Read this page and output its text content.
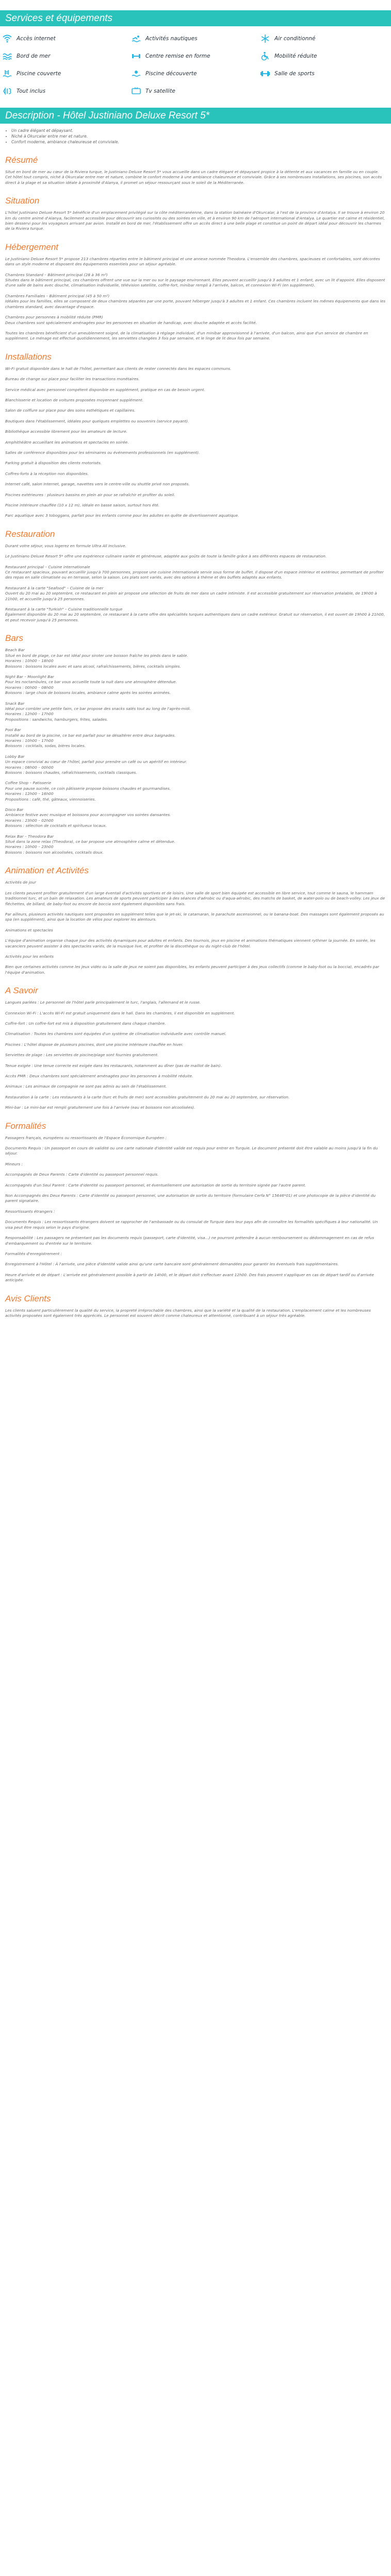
Services et équipements
Accès internet	Activités nautiques	Air conditionné
Bord de mer	Centre remise en forme	Mobilité réduite
Piscine couverte	Piscine découverte	Salle de sports
Tout inclus	Tv satellite
Description - Hôtel Justiniano Deluxe Resort 5*
• Un cadre élégant et dépaysant.
• Niché à Okurcalar entre mer et nature.
• Confort moderne, ambiance chaleureuse et conviviale.
Résumé

Situé en bord de mer au cœur de la Riviera turque, le Justiniano Deluxe Resort 5* vous accueille dans un cadre élégant et dépaysant propice à la détente et aux vacances en famille ou en couple. Cet hôtel tout compris, niché à Okurcalar entre mer et nature, combine le confort moderne à une ambiance chaleureuse et conviviale. Grâce à ses nombreuses installations, ses piscines, son accès direct à la plage et sa situation idéale à proximité d'Alanya, il promet un séjour ressourçant sous le soleil de la Méditerranée.

Situation

L'hôtel Justiniano Deluxe Resort 5* bénéficie d'un emplacement privilégié sur la côte méditerranéenne, dans la station balnéaire d'Okurcalar, à l'est de la province d'Antalya. Il se trouve à environ 20 km du centre animé d'Alanya, facilement accessible pour découvrir ses curiosités ou des soirées en ville, et à environ 90 km de l'aéroport international d'Antalya. Le quartier est calme et résidentiel, bien desservi pour les voyageurs arrivant par avion. Installé en bord de mer, l'établissement offre un accès direct à une belle plage et constitue un point de départ idéal pour découvrir les charmes de la Riviera turque.

Hébergement

Le Justiniano Deluxe Resort 5* propose 213 chambres réparties entre le bâtiment principal et une annexe nommée Theodora. L'ensemble des chambres, spacieuses et confortables, sont décorées dans un style moderne et disposent des équipements essentiels pour un séjour agréable.

Chambres Standard – Bâtiment principal (28 à 36 m²)
Situées dans le bâtiment principal, ces chambres offrent une vue sur la mer ou sur le paysage environnant. Elles peuvent accueillir jusqu'à 3 adultes et 1 enfant, avec un lit d'appoint. Elles disposent d'une salle de bains avec douche, climatisation individuelle, télévision satellite, coffre-fort, minibar rempli à l'arrivée, balcon, et connexion Wi-Fi (en supplément).

Chambres Familiales – Bâtiment principal (45 à 50 m²)
Idéales pour les familles, elles se composent de deux chambres séparées par une porte, pouvant héberger jusqu'à 3 adultes et 1 enfant. Ces chambres incluent les mêmes équipements que dans les chambres standard, avec davantage d'espace.

Chambres pour personnes à mobilité réduite (PMR)
Deux chambres sont spécialement aménagées pour les personnes en situation de handicap, avec douche adaptée et accès facilité.

Toutes les chambres bénéficient d'un ameublement soigné, de la climatisation à réglage individuel, d'un minibar approvisionné à l'arrivée, d'un balcon, ainsi que d'un service de chambre en supplément. Le ménage est effectué quotidiennement, les serviettes changées 3 fois par semaine, et le linge de lit deux fois par semaine.

Installations

Wi-Fi gratuit disponible dans le hall de l'hôtel, permettant aux clients de rester connectés dans les espaces communs.

Bureau de change sur place pour faciliter les transactions monétaires.

Service médical avec personnel compétent disponible en supplément, pratique en cas de besoin urgent.

Blanchisserie et location de voitures proposées moyennant supplément.

Salon de coiffure sur place pour des soins esthétiques et capillaires.

Boutiques dans l'établissement, idéales pour quelques emplettes ou souvenirs (service payant).

Bibliothèque accessible librement pour les amateurs de lecture.

Amphithéâtre accueillant les animations et spectacles en soirée.

Salles de conférence disponibles pour les séminaires ou événements professionnels (en supplément).

Parking gratuit à disposition des clients motorisés.

Coffres-forts à la réception non disponibles.

Internet café, salon Internet, garage, navettes vers le centre-ville ou shuttle privé non proposés.

Piscines extérieures : plusieurs bassins en plein air pour se rafraîchir et profiter du soleil.

Piscine intérieure chauffée (10 x 12 m), idéale en basse saison, surtout hors été.

Parc aquatique avec 3 toboggans, parfait pour les enfants comme pour les adultes en quête de divertissement aquatique.

Restauration

Durant votre séjour, vous logerez en formule Ultra All Inclusive.

Le Justiniano Deluxe Resort 5* offre une expérience culinaire variée et généreuse, adaptée aux goûts de toute la famille grâce à ses différents espaces de restauration.

Restaurant principal – Cuisine internationale
Ce restaurant spacieux, pouvant accueillir jusqu'à 700 personnes, propose une cuisine internationale servie sous forme de buffet. Il dispose d'un espace intérieur et extérieur, permettant de profiter des repas en salle climatisée ou en terrasse, selon la saison. Les plats sont variés, avec des options à thème et des buffets adaptés aux enfants.

Restaurant à la carte "Seafood" – Cuisine de la mer
Ouvert du 20 mai au 20 septembre, ce restaurant en plein air propose une sélection de fruits de mer dans un cadre intimiste. Il est accessible gratuitement sur réservation préalable, de 19h00 à 21h00, et accueille jusqu'à 25 personnes.

Restaurant à la carte "Turkish" – Cuisine traditionnelle turque
Également disponible du 20 mai au 20 septembre, ce restaurant à la carte offre des spécialités turques authentiques dans un cadre extérieur. Gratuit sur réservation, il est ouvert de 19h00 à 21h00, et peut recevoir jusqu'à 25 personnes.

Bars

Beach Bar
Situé en bord de plage, ce bar est idéal pour siroter une boisson fraîche les pieds dans le sable.
Horaires : 10h00 – 18h00
Boissons : boissons locales avec et sans alcool, rafraîchissements, bières, cocktails simples.

Night Bar – Moonlight Bar
Pour les noctambules, ce bar vous accueille toute la nuit dans une atmosphère détendue.
Horaires : 00h00 – 08h00
Boissons : large choix de boissons locales, ambiance calme après les soirées animées.

Snack Bar
Idéal pour combler une petite faim, ce bar propose des snacks salés tout au long de l'après-midi.
Horaires : 12h00 – 17h00
Propositions : sandwichs, hamburgers, frites, salades.

Pool Bar
Installé au bord de la piscine, ce bar est parfait pour se désaltérer entre deux baignades.
Horaires : 10h00 – 17h00
Boissons : cocktails, sodas, bières locales.

Lobby Bar
Un espace convivial au cœur de l'hôtel, parfait pour prendre un café ou un apéritif en intérieur.
Horaires : 08h00 – 00h00
Boissons : boissons chaudes, rafraîchissements, cocktails classiques.

Coffee Shop – Patisserie
Pour une pause sucrée, ce coin pâtisserie propose boissons chaudes et gourmandises.
Horaires : 12h00 – 16h00
Propositions : café, thé, gâteaux, viennoiseries.

Disco Bar
Ambiance festive avec musique et boissons pour accompagner vos soirées dansantes.
Horaires : 23h00 – 02h00
Boissons : sélection de cocktails et spiritueux locaux.

Relax Bar – Theodora Bar
Situé dans la zone relax (Theodora), ce bar propose une atmosphère calme et détendue.
Horaires : 10h00 – 23h00
Boissons : boissons non alcoolisées, cocktails doux.

Animation et Activités

Activités de jour

Les clients peuvent profiter gratuitement d'un large éventail d'activités sportives et de loisirs. Une salle de sport bien équipée est accessible en libre service, tout comme le sauna, le hammam traditionnel turc, et un bain de relaxation. Les amateurs de sports peuvent participer à des séances d'aérobic ou d'aqua-aérobic, des matchs de basket, de water-polo ou de beach-volley. Les jeux de fléchettes, de billard, de baby-foot ou encore de boccia sont également disponibles sans frais.

Par ailleurs, plusieurs activités nautiques sont proposées en supplément telles que le jet-ski, le catamaran, le parachute ascensionnel, ou le banana-boat. Des massages sont également proposés au spa (en supplément), ainsi que la location de vélos pour explorer les alentours.

Animations et spectacles

L'équipe d'animation organise chaque jour des activités dynamiques pour adultes et enfants. Des tournois, jeux en piscine et animations thématiques viennent rythmer la journée. En soirée, les vacanciers peuvent assister à des spectacles variés, de la musique live, et profiter de la discothèque ou du night-club de l'hôtel.

Activités pour les enfants

Bien que certaines activités comme les jeux vidéo ou la salle de jeux ne soient pas disponibles, les enfants peuvent participer à des jeux collectifs (comme le baby-foot ou la boccia), encadrés par l'équipe d'animation.

A Savoir

Langues parlées : Le personnel de l'hôtel parle principalement le turc, l'anglais, l'allemand et le russe.

Connexion Wi-Fi : L'accès Wi-Fi est gratuit uniquement dans le hall. Dans les chambres, il est disponible en supplément.

Coffre-fort : Un coffre-fort est mis à disposition gratuitement dans chaque chambre.

Climatisation : Toutes les chambres sont équipées d'un système de climatisation individuelle avec contrôle manuel.

Piscines : L'hôtel dispose de plusieurs piscines, dont une piscine intérieure chauffée en hiver.

Serviettes de plage : Les serviettes de piscine/plage sont fournies gratuitement.

Tenue exigée : Une tenue correcte est exigée dans les restaurants, notamment au dîner (pas de maillot de bain).

Accès PMR : Deux chambres sont spécialement aménagées pour les personnes à mobilité réduite.

Animaux : Les animaux de compagnie ne sont pas admis au sein de l'établissement.

Restauration à la carte : Les restaurants à la carte (turc et fruits de mer) sont accessibles gratuitement du 20 mai au 20 septembre, sur réservation.

Mini-bar : Le mini-bar est rempli gratuitement une fois à l'arrivée (eau et boissons non alcoolisées).

Formalités

Passagers français, européens ou ressortissants de l'Espace Économique Européen :

Documents Requis : Un passeport en cours de validité ou une carte nationale d'identité valide est requis pour entrer en Turquie. Le document présenté doit être valable au moins jusqu'à la fin du séjour.

Mineurs :

Accompagnés de Deux Parents : Carte d'identité ou passeport personnel requis.

Accompagnés d'un Seul Parent : Carte d'identité ou passeport personnel, et éventuellement une autorisation de sortie du territoire signée par l'autre parent.

Non Accompagnés des Deux Parents : Carte d'identité ou passeport personnel, une autorisation de sortie du territoire (formulaire Cerfa N° 15646*01) et une photocopie de la pièce d'identité du parent signataire.

Ressortissants étrangers :

Documents Requis : Les ressortissants étrangers doivent se rapprocher de l'ambassade ou du consulat de Turquie dans leur pays afin de connaître les formalités spécifiques à leur nationalité. Un visa peut être requis selon le pays d'origine.

Responsabilité : Les passagers ne présentant pas les documents requis (passeport, carte d'identité, visa...) ne pourront prétendre à aucun remboursement ou dédommagement en cas de refus d'embarquement ou d'entrée sur le territoire.

Formalités d'enregistrement :

Enregistrement à l'Hôtel : À l'arrivée, une pièce d'identité valide ainsi qu'une carte bancaire sont généralement demandées pour garantir les éventuels frais supplémentaires.

Heure d'arrivée et de départ : L'arrivée est généralement possible à partir de 14h00, et le départ doit s'effectuer avant 12h00. Des frais peuvent s'appliquer en cas de départ tardif ou d'arrivée anticipée.

Avis Clients

Les clients saluent particulièrement la qualité du service, la propreté irréprochable des chambres, ainsi que la variété et la qualité de la restauration. L'emplacement calme et les nombreuses activités proposées sont également très appréciés. Le personnel est souvent décrit comme chaleureux et attentionné, contribuant à un séjour très agréable.
